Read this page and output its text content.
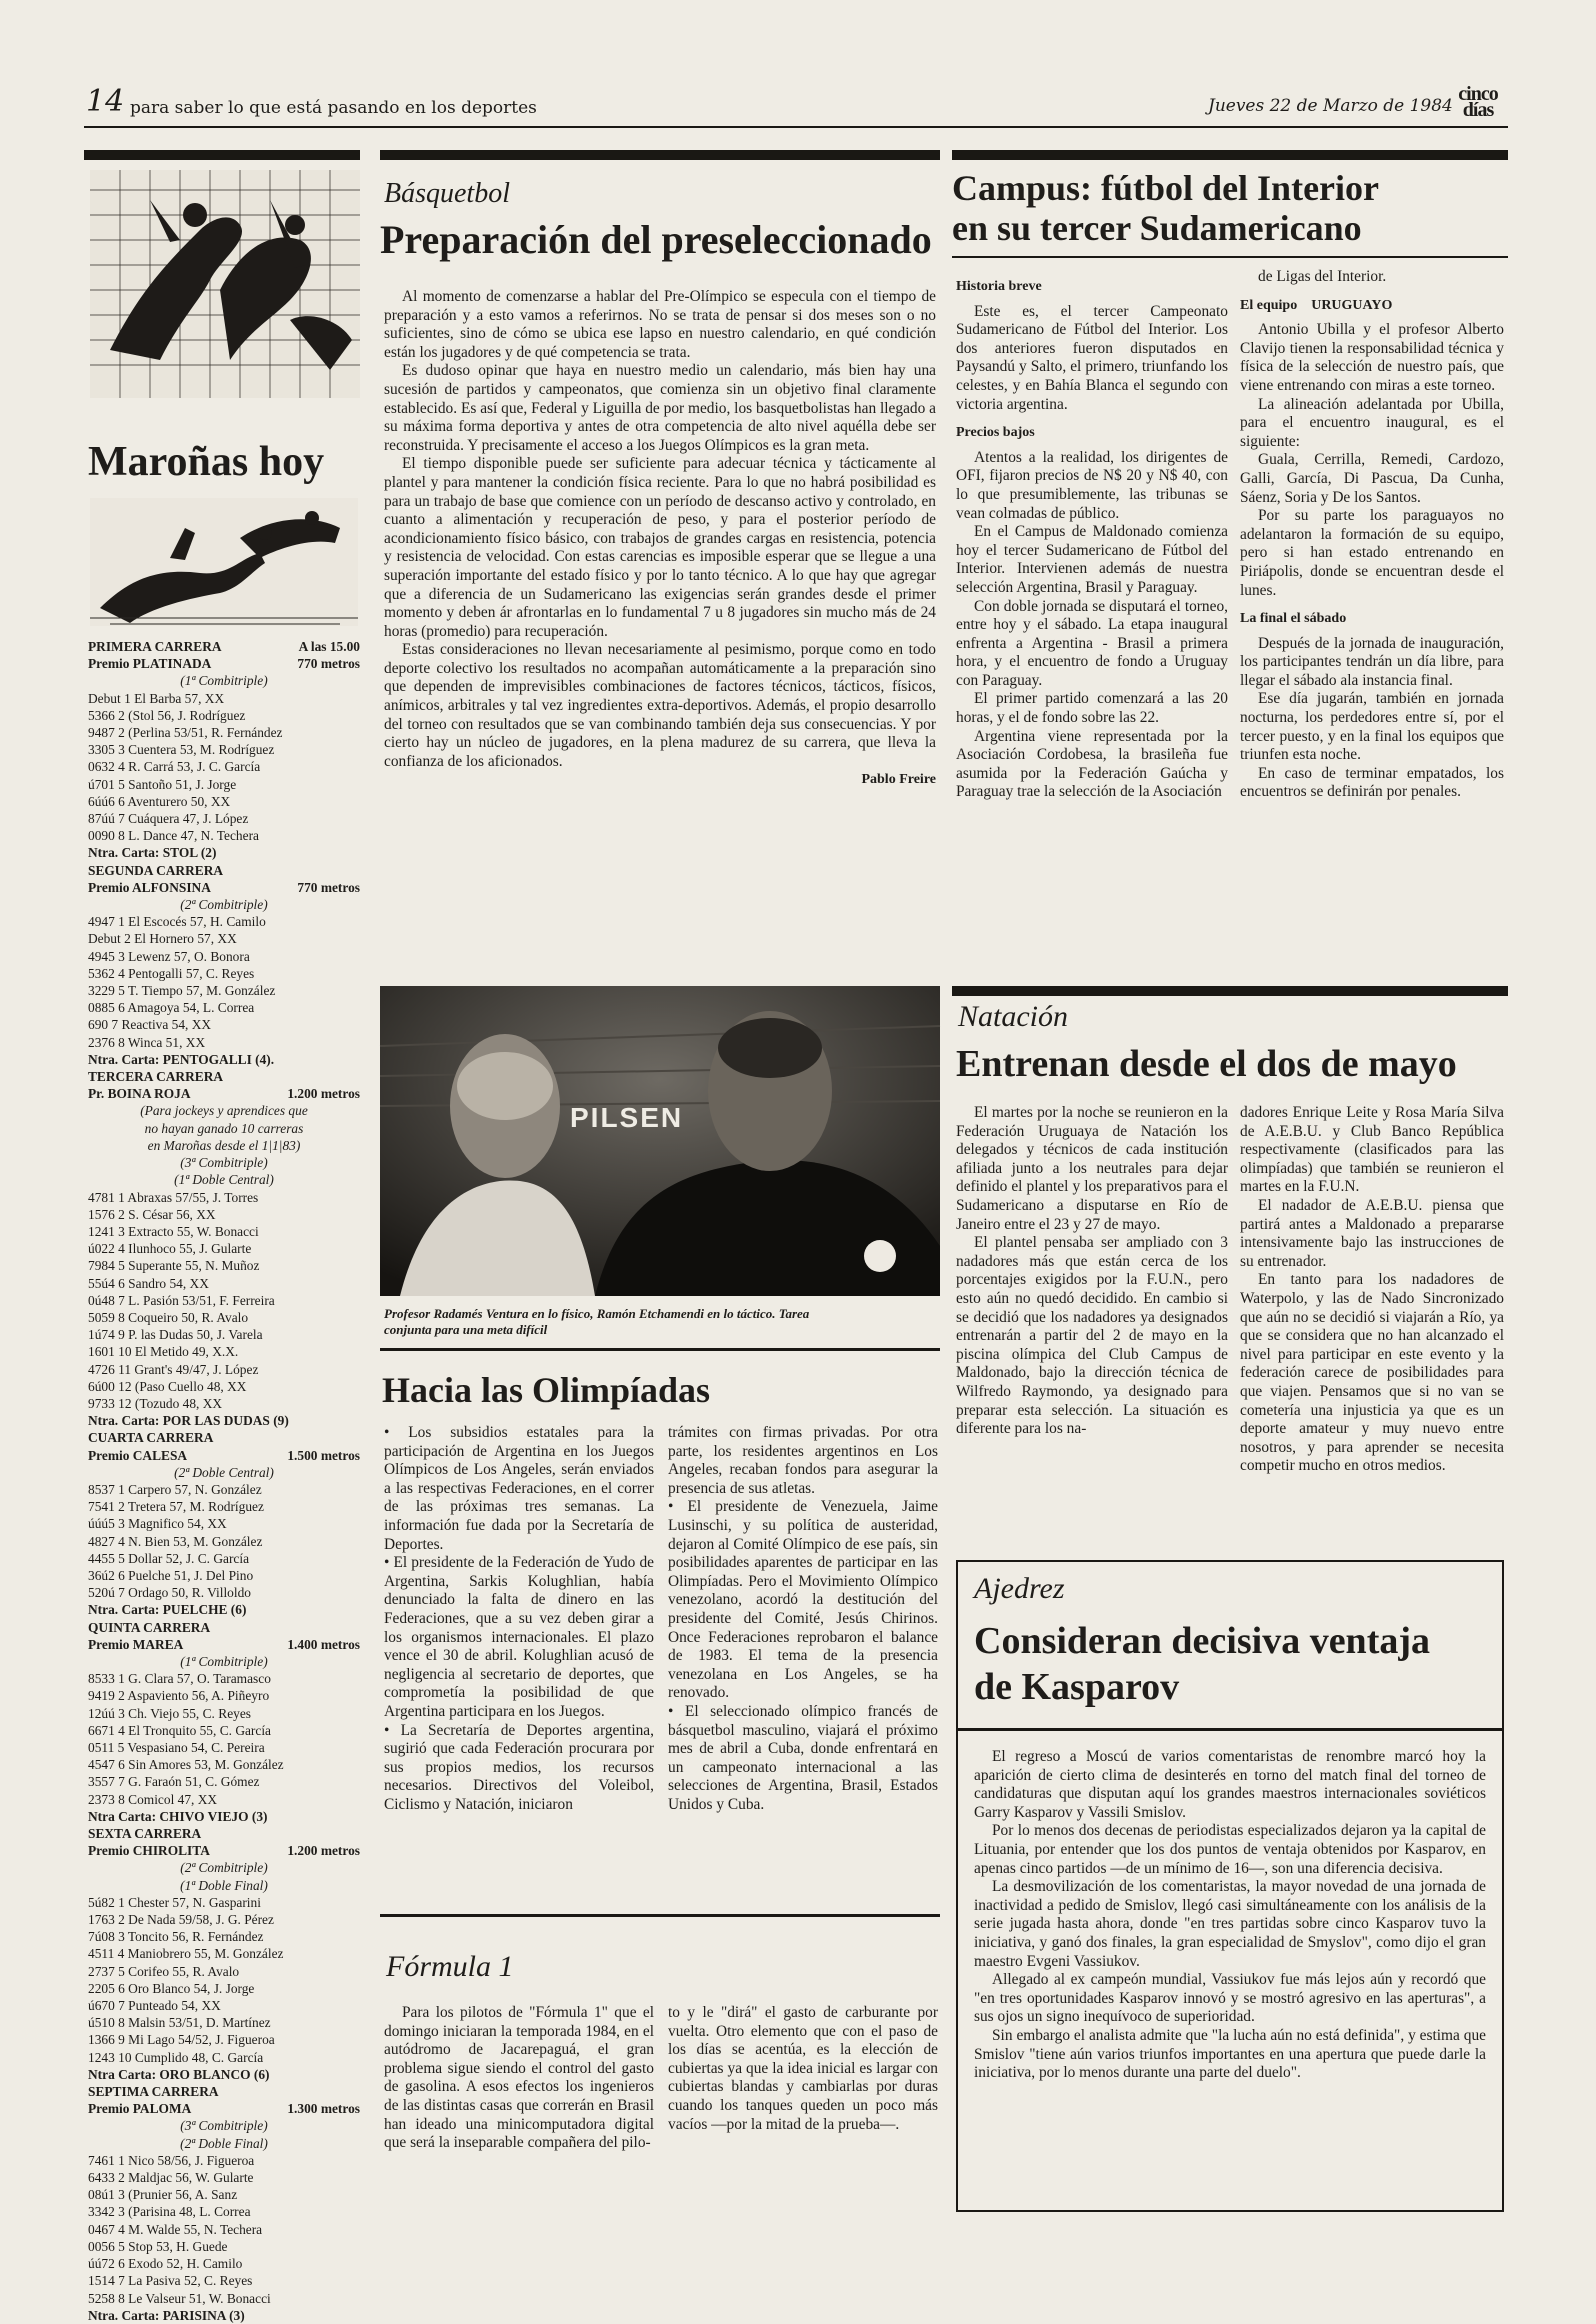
14 para saber lo que está pasando en los deportes	Jueves 22 de Marzo de 1984
cinco días
Maroñas hoy
PRIMERA CARRERA	A las 15.00
Premio PLATINADA	770 metros
(1ª Combitriple)
Debut 1 El Barba 57, XX
5366 2 (Stol 56, J. Rodríguez
9487 2 (Perlina 53/51, R. Fernández
3305 3 Cuentera 53, M. Rodríguez
0632 4 R. Carrá 53, J. C. García
ú701 5 Santoño 51, J. Jorge
6úú6 6 Aventurero 50, XX
87úú 7 Cuáquera 47, J. López
0090 8 L. Dance 47, N. Techera
Ntra. Carta: STOL (2)
SEGUNDA CARRERA
Premio ALFONSINA	770 metros
(2ª Combitriple)
4947 1 El Escocés 57, H. Camilo
Debut 2 El Hornero 57, XX
4945 3 Lewenz 57, O. Bonora
5362 4 Pentogalli 57, C. Reyes
3229 5 T. Tiempo 57, M. González
0885 6 Amagoya 54, L. Correa
690 7 Reactiva 54, XX
2376 8 Winca 51, XX
Ntra. Carta: PENTOGALLI (4).
TERCERA CARRERA
Pr. BOINA ROJA	1.200 metros
(Para jockeys y aprendices que
no hayan ganado 10 carreras
en Maroñas desde el 1|1|83)
(3ª Combitriple)
(1ª Doble Central)
4781 1 Abraxas 57/55, J. Torres
1576 2 S. César 56, XX
1241 3 Extracto 55, W. Bonacci
ú022 4 Ilunhoco 55, J. Gularte
7984 5 Superante 55, N. Muñoz
55ú4 6 Sandro 54, XX
0ú48 7 L. Pasión 53/51, F. Ferreira
5059 8 Coqueiro 50, R. Avalo
1ú74 9 P. las Dudas 50, J. Varela
1601 10 El Metido 49, X.X.
4726 11 Grant's 49/47, J. López
6ú00 12 (Paso Cuello 48, XX
9733 12 (Tozudo 48, XX
Ntra. Carta: POR LAS DUDAS (9)
CUARTA CARRERA
Premio CALESA	1.500 metros
(2ª Doble Central)
8537 1 Carpero 57, N. González
7541 2 Tretera 57, M. Rodríguez
úúú5 3 Magnifico 54, XX
4827 4 N. Bien 53, M. González
4455 5 Dollar 52, J. C. García
36ú2 6 Puelche 51, J. Del Pino
520ú 7 Ordago 50, R. Villoldo
Ntra. Carta: PUELCHE (6)
QUINTA CARRERA
Premio MAREA	1.400 metros
(1ª Combitriple)
8533 1 G. Clara 57, O. Taramasco
9419 2 Aspaviento 56, A. Piñeyro
12úú 3 Ch. Viejo 55, C. Reyes
6671 4 El Tronquito 55, C. García
0511 5 Vespasiano 54, C. Pereira
4547 6 Sin Amores 53, M. González
3557 7 G. Faraón 51, C. Gómez
2373 8 Comicol 47, XX
Ntra Carta: CHIVO VIEJO (3)
SEXTA CARRERA
Premio CHIROLITA	1.200 metros
(2ª Combitriple)
(1ª Doble Final)
5ú82 1 Chester 57, N. Gasparini
1763 2 De Nada 59/58, J. G. Pérez
7ú08 3 Toncito 56, R. Fernández
4511 4 Maniobrero 55, M. González
2737 5 Corifeo 55, R. Avalo
2205 6 Oro Blanco 54, J. Jorge
ú670 7 Punteado 54, XX
ú510 8 Malsin 53/51, D. Martínez
1366 9 Mi Lago 54/52, J. Figueroa
1243 10 Cumplido 48, C. García
Ntra Carta: ORO BLANCO (6)
SEPTIMA CARRERA
Premio PALOMA	1.300 metros
(3ª Combitriple)
(2ª Doble Final)
7461 1 Nico 58/56, J. Figueroa
6433 2 Maldjac 56, W. Gularte
08ú1 3 (Prunier 56, A. Sanz
3342 3 (Parisina 48, L. Correa
0467 4 M. Walde 55, N. Techera
0056 5 Stop 53, H. Guede
úú72 6 Exodo 52, H. Camilo
1514 7 La Pasiva 52, C. Reyes
5258 8 Le Valseur 51, W. Bonacci
Ntra. Carta: PARISINA (3)
Básquetbol
Preparación del preseleccionado

Al momento de comenzarse a hablar del Pre-Olímpico se especula con el tiempo de preparación y a esto vamos a referirnos. No se trata de pensar si dos meses son o no suficientes, sino de cómo se ubica ese lapso en nuestro calendario, en qué condición están los jugadores y de qué competencia se trata.

Es dudoso opinar que haya en nuestro medio un calendario, más bien hay una sucesión de partidos y campeonatos, que comienza sin un objetivo final claramente establecido. Es así que, Federal y Liguilla de por medio, los basquetbolistas han llegado a su máxima forma deportiva y antes de otra competencia de alto nivel aquélla debe ser reconstruida. Y precisamente el acceso a los Juegos Olímpicos es la gran meta.

El tiempo disponible puede ser suficiente para adecuar técnica y tácticamente al plantel y para mantener la condición física reciente. Para lo que no habrá posibilidad es para un trabajo de base que comience con un período de descanso activo y controlado, en cuanto a alimentación y recuperación de peso, y para el posterior período de acondicionamiento físico básico, con trabajos de grandes cargas en resistencia, potencia y resistencia de velocidad. Con estas carencias es imposible esperar que se llegue a una superación importante del estado físico y por lo tanto técnico. A lo que hay que agregar que a diferencia de un Sudamericano las exigencias serán grandes desde el primer momento y deben ár afrontarlas en lo fundamental 7 u 8 jugadores sin mucho más de 24 horas (promedio) para recuperación.

Estas consideraciones no llevan necesariamente al pesimismo, porque como en todo deporte colectivo los resultados no acompañan automáticamente a la preparación sino que dependen de imprevisibles combinaciones de factores técnicos, tácticos, físicos, anímicos, arbitrales y tal vez ingredientes extra-deportivos. Además, el propio desarrollo del torneo con resultados que se van combinando también deja sus consecuencias. Y por cierto hay un núcleo de jugadores, en la plena madurez de su carrera, que lleva la confianza de los aficionados.

Pablo Freire
PILSEN
Profesor Radamés Ventura en lo físico, Ramón Etchamendi en lo táctico. Tarea conjunta para una meta difícil
Hacia las Olimpíadas

• Los subsidios estatales para la participación de Argentina en los Juegos Olímpicos de Los Angeles, serán enviados a las respectivas Federaciones, en el correr de las próximas tres semanas. La información fue dada por la Secretaría de Deportes.

• El presidente de la Federación de Yudo de Argentina, Sarkis Kolughlian, había denunciado la falta de dinero en las Federaciones, que a su vez deben girar a los organismos internacionales. El plazo vence el 30 de abril. Kolughlian acusó de negligencia al secretario de deportes, que comprometía la posibilidad de que Argentina participara en los Juegos.

• La Secretaría de Deportes argentina, sugirió que cada Federación procurara por sus propios medios, los recursos necesarios. Directivos del Voleibol, Ciclismo y Natación, iniciaron

trámites con firmas privadas. Por otra parte, los residentes argentinos en Los Angeles, recaban fondos para asegurar la presencia de sus atletas.

• El presidente de Venezuela, Jaime Lusinschi, y su política de austeridad, dejaron al Comité Olímpico de ese país, sin posibilidades aparentes de participar en las Olimpíadas. Pero el Movimiento Olímpico venezolano, acordó la destitución del presidente del Comité, Jesús Chirinos. Once Federaciones reprobaron el balance de 1983. El tema de la presencia venezolana en Los Angeles, se ha renovado.

• El seleccionado olímpico francés de básquetbol masculino, viajará el próximo mes de abril a Cuba, donde enfrentará en un campeonato internacional a las selecciones de Argentina, Brasil, Estados Unidos y Cuba.

Fórmula 1

Para los pilotos de "Fórmula 1" que el domingo iniciaran la temporada 1984, en el autódromo de Jacarepaguá, el gran problema sigue siendo el control del gasto de gasolina. A esos efectos los ingenieros de las distintas casas que correrán en Brasil han ideado una minicomputadora digital que será la inseparable compañera del pilo-

to y le "dirá" el gasto de carburante por vuelta. Otro elemento que con el paso de los días se acentúa, es la elección de cubiertas ya que la idea inicial es largar con cubiertas blandas y cambiarlas por duras cuando los tanques queden un poco más vacíos —por la mitad de la prueba—.

Campus: fútbol del Interior
en su tercer Sudamericano
Historia breve

Este es, el tercer Campeonato Sudamericano de Fútbol del Interior. Los dos anteriores fueron disputados en Paysandú y Salto, el primero, triunfando los celestes, y en Bahía Blanca el segundo con victoria argentina.

Precios bajos

Atentos a la realidad, los dirigentes de OFI, fijaron precios de N$ 20 y N$ 40, con lo que presumiblemente, las tribunas se vean colmadas de público.

En el Campus de Maldonado comienza hoy el tercer Sudamericano de Fútbol del Interior. Intervienen además de nuestra selección Argentina, Brasil y Paraguay.

Con doble jornada se disputará el torneo, entre hoy y el sábado. La etapa inaugural enfrenta a Argentina - Brasil a primera hora, y el encuentro de fondo a Uruguay con Paraguay.

El primer partido comenzará a las 20 horas, y el de fondo sobre las 22.

Argentina viene representada por la Asociación Cordobesa, la brasileña fue asumida por la Federación Gaúcha y Paraguay trae la selección de la Asociación

de Ligas del Interior.

El equipo URUGUAYO

Antonio Ubilla y el profesor Alberto Clavijo tienen la responsabilidad técnica y física de la selección de nuestro país, que viene entrenando con miras a este torneo.

La alineación adelantada por Ubilla, para el encuentro inaugural, es el siguiente:

Guala, Cerrilla, Remedi, Cardozo, Galli, García, Di Pascua, Da Cunha, Sáenz, Soria y De los Santos.

Por su parte los paraguayos no adelantaron la formación de su equipo, pero si han estado entrenando en Piriápolis, donde se encuentran desde el lunes.

La final el sábado

Después de la jornada de inauguración, los participantes tendrán un día libre, para llegar el sábado ala instancia final.

Ese día jugarán, también en jornada nocturna, los perdedores entre sí, por el tercer puesto, y en la final los equipos que triunfen esta noche.

En caso de terminar empatados, los encuentros se definirán por penales.

Natación
Entrenan desde el dos de mayo

El martes por la noche se reunieron en la Federación Uruguaya de Natación los delegados y técnicos de cada institución afiliada junto a los neutrales para dejar definido el plantel y los preparativos para el Sudamericano a disputarse en Río de Janeiro entre el 23 y 27 de mayo.

El plantel pensaba ser ampliado con 3 nadadores más que están cerca de los porcentajes exigidos por la F.U.N., pero esto aún no quedó decidido. En cambio si se decidió que los nadadores ya designados entrenarán a partir del 2 de mayo en la piscina olímpica del Club Campus de Maldonado, bajo la dirección técnica de Wilfredo Raymondo, ya designado para preparar esta selección. La situación es diferente para los na-

dadores Enrique Leite y Rosa María Silva de A.E.B.U. y Club Banco República respectivamente (clasificados para las olimpíadas) que también se reunieron el martes en la F.U.N.

El nadador de A.E.B.U. piensa que partirá antes a Maldonado a prepararse intensivamente bajo las instrucciones de su entrenador.

En tanto para los nadadores de Waterpolo, y las de Nado Sincronizado que aún no se decidió si viajarán a Río, ya que se considera que no han alcanzado el nivel para participar en este evento y la federación carece de posibilidades para que viajen. Pensamos que si no van se cometería una injusticia ya que es un deporte amateur y muy nuevo entre nosotros, y para aprender se necesita competir mucho en otros medios.

Ajedrez
Consideran decisiva ventaja
de Kasparov

El regreso a Moscú de varios comentaristas de renombre marcó hoy la aparición de cierto clima de desinterés en torno del match final del torneo de candidaturas que disputan aquí los grandes maestros internacionales soviéticos Garry Kasparov y Vassili Smislov.

Por lo menos dos decenas de periodistas especializados dejaron ya la capital de Lituania, por entender que los dos puntos de ventaja obtenidos por Kasparov, en apenas cinco partidos —de un mínimo de 16—, son una diferencia decisiva.

La desmovilización de los comentaristas, la mayor novedad de una jornada de inactividad a pedido de Smislov, llegó casi simultáneamente con los análisis de la serie jugada hasta ahora, donde "en tres partidas sobre cinco Kasparov tuvo la iniciativa, y ganó dos finales, la gran especialidad de Smyslov", como dijo el gran maestro Evgeni Vassiukov.

Allegado al ex campeón mundial, Vassiukov fue más lejos aún y recordó que "en tres oportunidades Kasparov innovó y se mostró agresivo en las aperturas", a sus ojos un signo inequívoco de superioridad.

Sin embargo el analista admite que "la lucha aún no está definida", y estima que Smislov "tiene aún varios triunfos importantes en una apertura que puede darle la iniciativa, por lo menos durante una parte del duelo".
